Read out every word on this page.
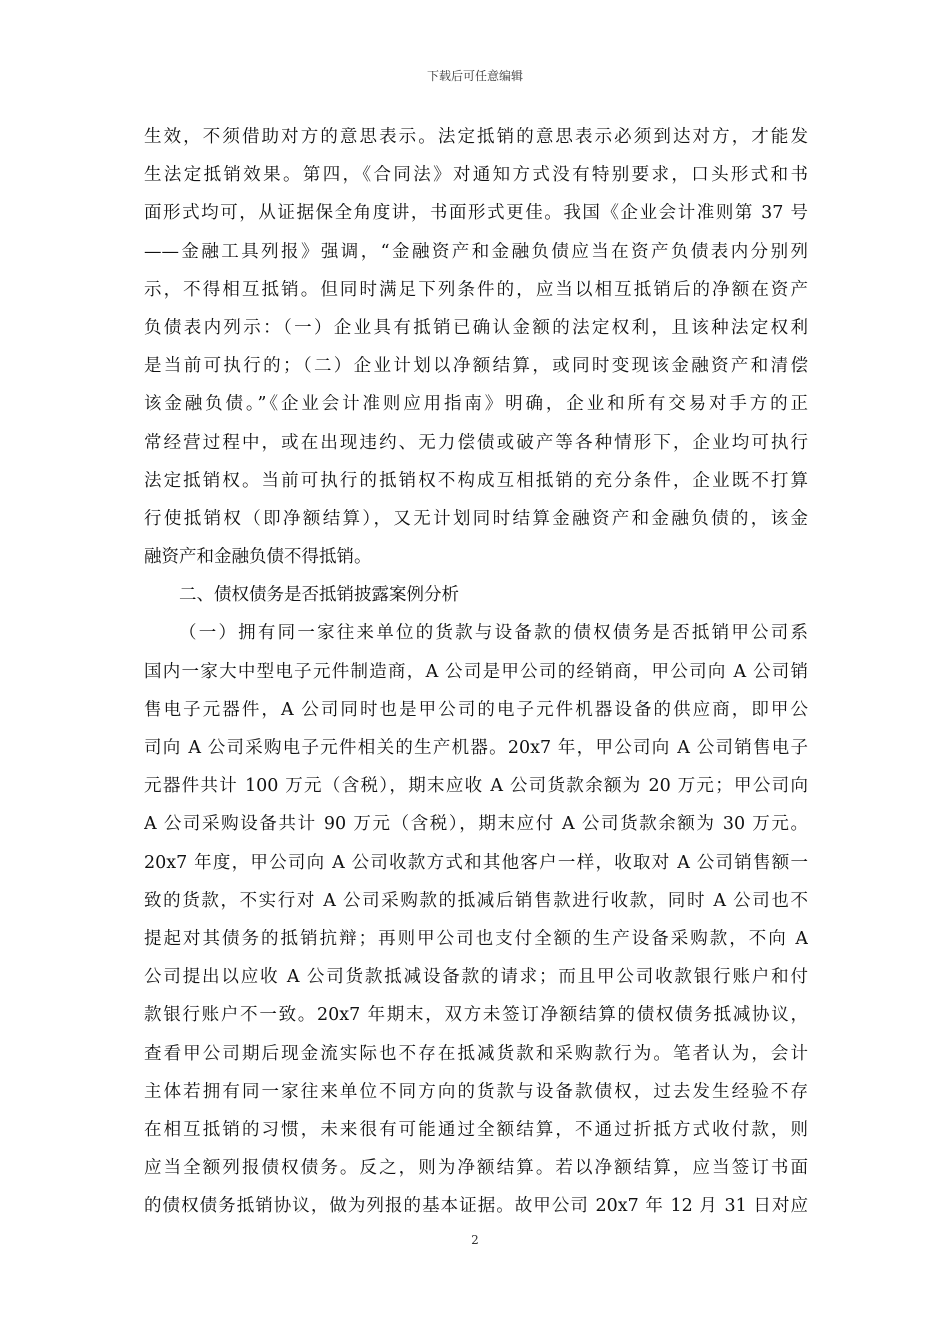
下载后可任意编辑
生效，不须借助对方的意思表示。法定抵销的意思表示必须到达对方，才能发
生法定抵销效果。第四，《合同法》对通知方式没有特别要求，口头形式和书
面形式均可，从证据保全角度讲，书面形式更佳。我国《企业会计准则第 37 号
——金融工具列报》强调，“金融资产和金融负债应当在资产负债表内分别列
示，不得相互抵销。但同时满足下列条件的，应当以相互抵销后的净额在资产
负债表内列示：（一）企业具有抵销已确认金额的法定权利，且该种法定权利
是当前可执行的；（二）企业计划以净额结算，或同时变现该金融资产和清偿
该金融负债。”《企业会计准则应用指南》明确，企业和所有交易对手方的正
常经营过程中，或在出现违约、无力偿债或破产等各种情形下，企业均可执行
法定抵销权。当前可执行的抵销权不构成互相抵销的充分条件，企业既不打算
行使抵销权（即净额结算），又无计划同时结算金融资产和金融负债的，该金
融资产和金融负债不得抵销。
二、债权债务是否抵销披露案例分析
（一）拥有同一家往来单位的货款与设备款的债权债务是否抵销甲公司系
国内一家大中型电子元件制造商，A 公司是甲公司的经销商，甲公司向 A 公司销
售电子元器件，A 公司同时也是甲公司的电子元件机器设备的供应商，即甲公
司向 A 公司采购电子元件相关的生产机器。20x7 年，甲公司向 A 公司销售电子
元器件共计 100 万元（含税），期末应收 A 公司货款余额为 20 万元；甲公司向
A 公司采购设备共计 90 万元（含税），期末应付 A 公司货款余额为 30 万元。
20x7 年度，甲公司向 A 公司收款方式和其他客户一样，收取对 A 公司销售额一
致的货款，不实行对 A 公司采购款的抵减后销售款进行收款，同时 A 公司也不
提起对其债务的抵销抗辩；再则甲公司也支付全额的生产设备采购款，不向 A
公司提出以应收 A 公司货款抵减设备款的请求；而且甲公司收款银行账户和付
款银行账户不一致。20x7 年期末，双方未签订净额结算的债权债务抵减协议，
查看甲公司期后现金流实际也不存在抵减货款和采购款行为。笔者认为，会计
主体若拥有同一家往来单位不同方向的货款与设备款债权，过去发生经验不存
在相互抵销的习惯，未来很有可能通过全额结算，不通过折抵方式收付款，则
应当全额列报债权债务。反之，则为净额结算。若以净额结算，应当签订书面
的债权债务抵销协议，做为列报的基本证据。故甲公司 20x7 年 12 月 31 日对应
2
